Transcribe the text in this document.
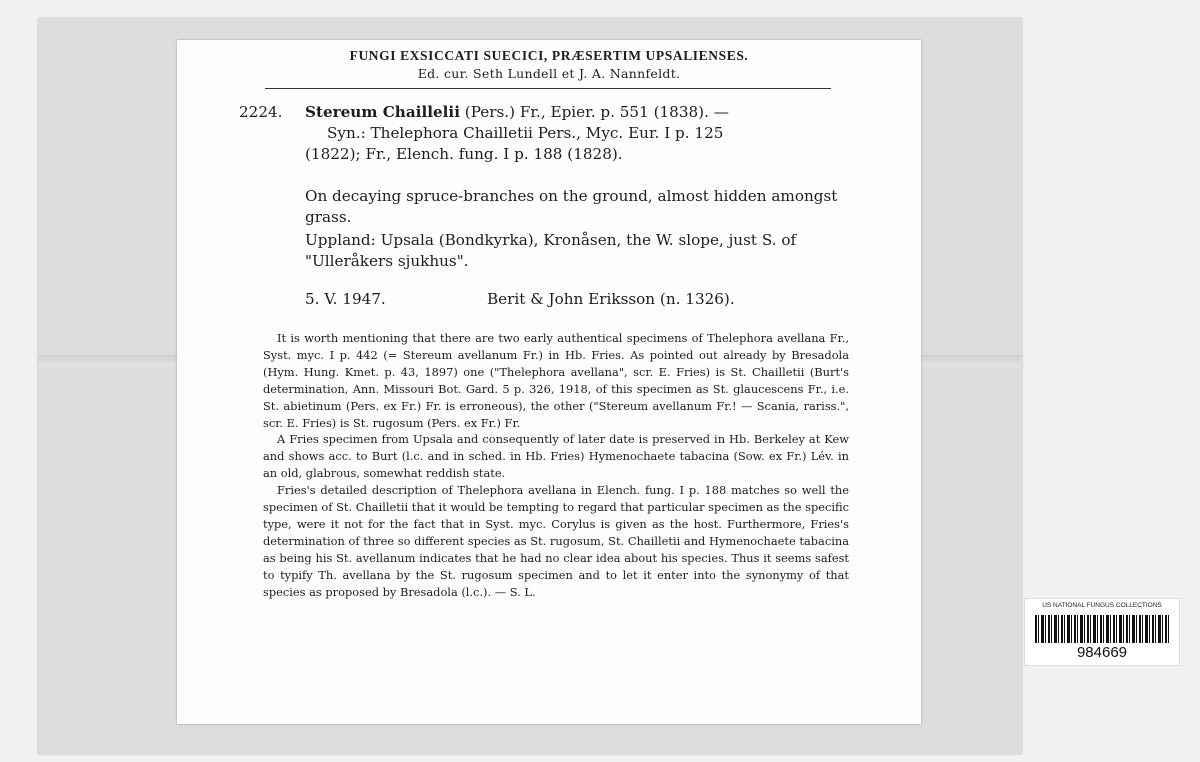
FUNGI EXSICCATI SUECICI, PRÆSERTIM UPSALIENSES.
Ed. cur. Seth Lundell et J. A. Nannfeldt.
2224. Stereum Chaillelii (Pers.) Fr., Epier. p. 551 (1838). —
Syn.: Thelephora Chailletii Pers., Myc. Eur. I p. 125
(1822); Fr., Elench. fung. I p. 188 (1828).
On decaying spruce-branches on the ground, almost hidden amongst grass.
Uppland: Upsala (Bondkyrka), Kronåsen, the W. slope, just S. of "Ulleråkers sjukhus".
5. V. 1947.	Berit & John Eriksson (n. 1326).

It is worth mentioning that there are two early authentical specimens of Thelephora avellana Fr., Syst. myc. I p. 442 (= Stereum avellanum Fr.) in Hb. Fries. As pointed out already by Bresadola (Hym. Hung. Kmet. p. 43, 1897) one ("Thelephora avellana", scr. E. Fries) is St. Chailletii (Burt's determination, Ann. Missouri Bot. Gard. 5 p. 326, 1918, of this specimen as St. glaucescens Fr., i.e. St. abietinum (Pers. ex Fr.) Fr. is erroneous), the other ("Stereum avellanum Fr.! — Scania, rariss.", scr. E. Fries) is St. rugosum (Pers. ex Fr.) Fr.

A Fries specimen from Upsala and consequently of later date is preserved in Hb. Berkeley at Kew and shows acc. to Burt (l.c. and in sched. in Hb. Fries) Hymenochaete tabacina (Sow. ex Fr.) Lév. in an old, glabrous, somewhat reddish state.

Fries's detailed description of Thelephora avellana in Elench. fung. I p. 188 matches so well the specimen of St. Chailletii that it would be tempting to regard that particular specimen as the specific type, were it not for the fact that in Syst. myc. Corylus is given as the host. Furthermore, Fries's determination of three so different species as St. rugosum, St. Chailletii and Hymenochaete tabacina as being his St. avellanum indicates that he had no clear idea about his species. Thus it seems safest to typify Th. avellana by the St. rugosum specimen and to let it enter into the synonymy of that species as proposed by Bresadola (l.c.). — S. L.

US NATIONAL FUNGUS COLLECTIONS
984669
